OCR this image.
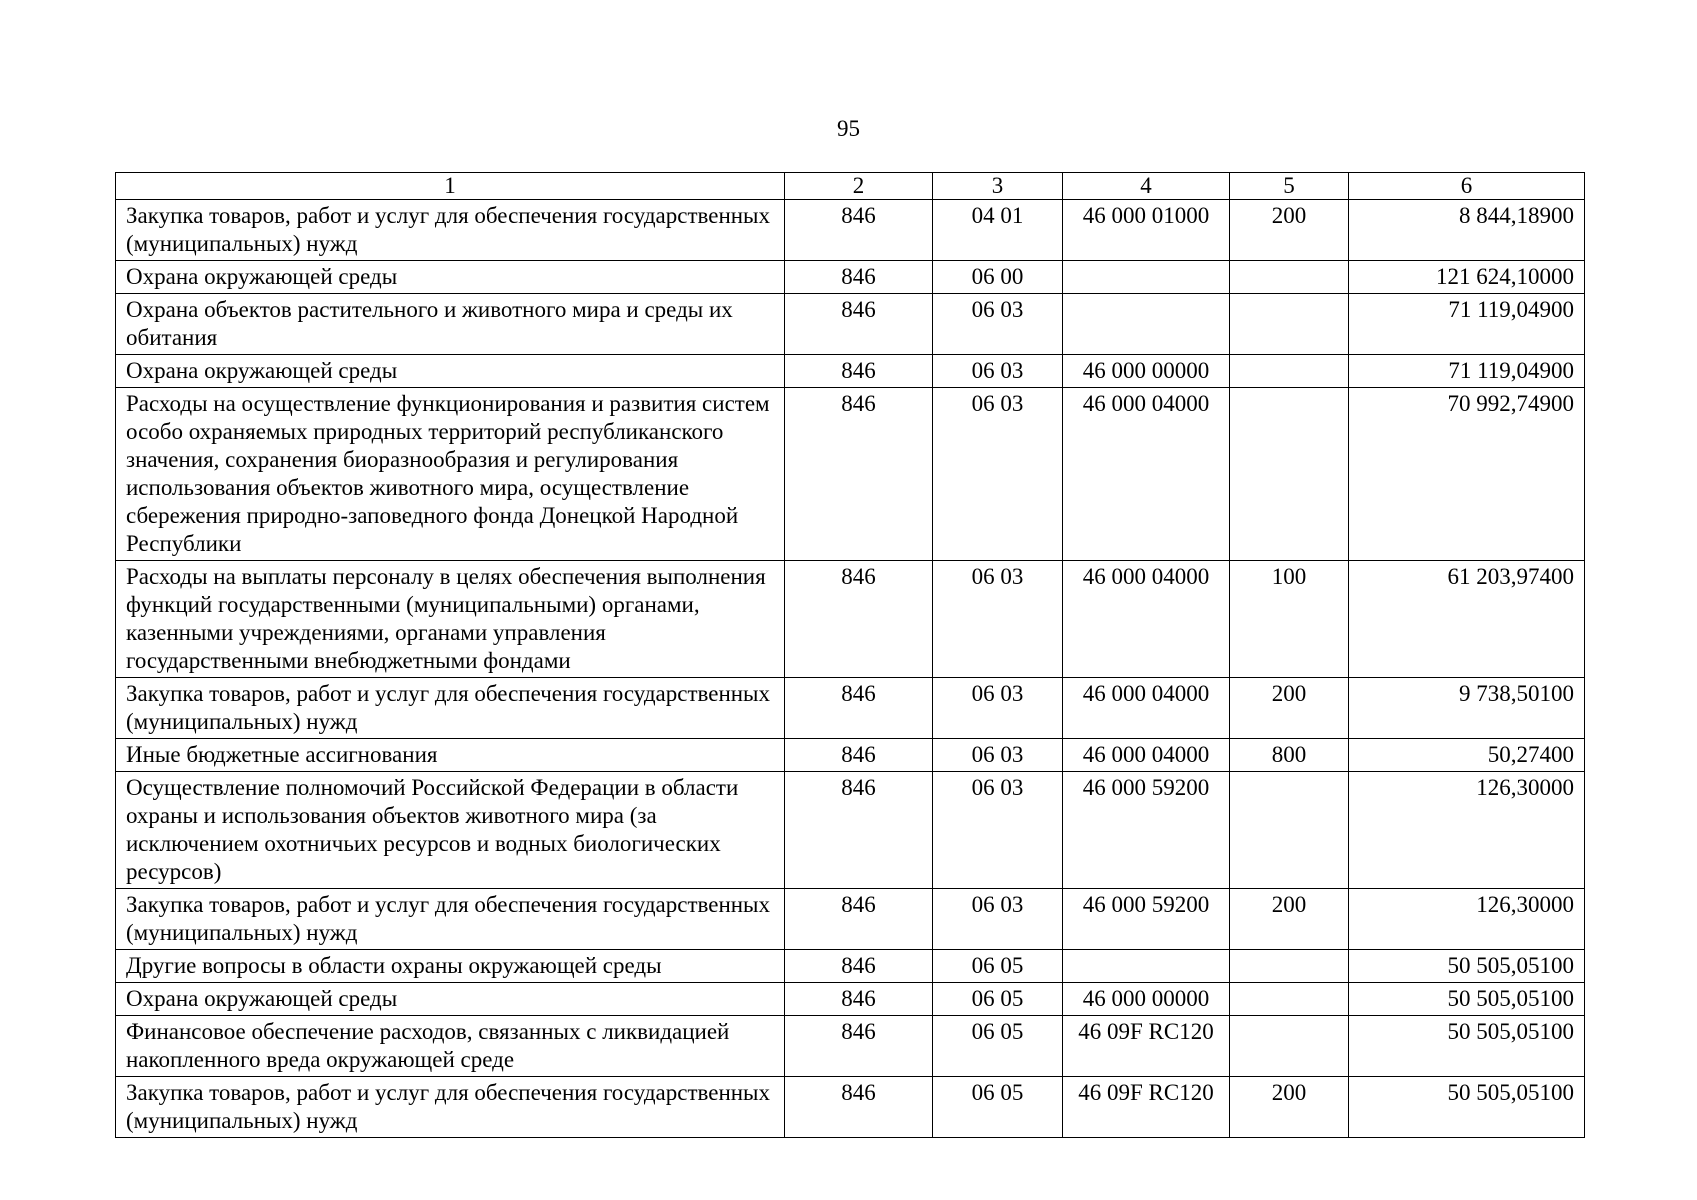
95
1	2	3	4	5	6
Закупка товаров, работ и услуг для обеспечения государственных (муниципальных) нужд	846	04 01	46 000 01000	200	8 844,18900
Охрана окружающей среды	846	06 00			121 624,10000
Охрана объектов растительного и животного мира и среды их обитания	846	06 03			71 119,04900
Охрана окружающей среды	846	06 03	46 000 00000		71 119,04900
Расходы на осуществление функционирования и развития систем особо охраняемых природных территорий республиканского значения, сохранения биоразнообразия и регулирования использования объектов животного мира, осуществление сбережения природно-заповедного фонда Донецкой Народной Республики	846	06 03	46 000 04000		70 992,74900
Расходы на выплаты персоналу в целях обеспечения выполнения функций государственными (муниципальными) органами, казенными учреждениями, органами управления государственными внебюджетными фондами	846	06 03	46 000 04000	100	61 203,97400
Закупка товаров, работ и услуг для обеспечения государственных (муниципальных) нужд	846	06 03	46 000 04000	200	9 738,50100
Иные бюджетные ассигнования	846	06 03	46 000 04000	800	50,27400
Осуществление полномочий Российской Федерации в области охраны и использования объектов животного мира (за исключением охотничьих ресурсов и водных биологических ресурсов)	846	06 03	46 000 59200		126,30000
Закупка товаров, работ и услуг для обеспечения государственных (муниципальных) нужд	846	06 03	46 000 59200	200	126,30000
Другие вопросы в области охраны окружающей среды	846	06 05			50 505,05100
Охрана окружающей среды	846	06 05	46 000 00000		50 505,05100
Финансовое обеспечение расходов, связанных с ликвидацией накопленного вреда окружающей среде	846	06 05	46 09F RC120		50 505,05100
Закупка товаров, работ и услуг для обеспечения государственных (муниципальных) нужд	846	06 05	46 09F RC120	200	50 505,05100
